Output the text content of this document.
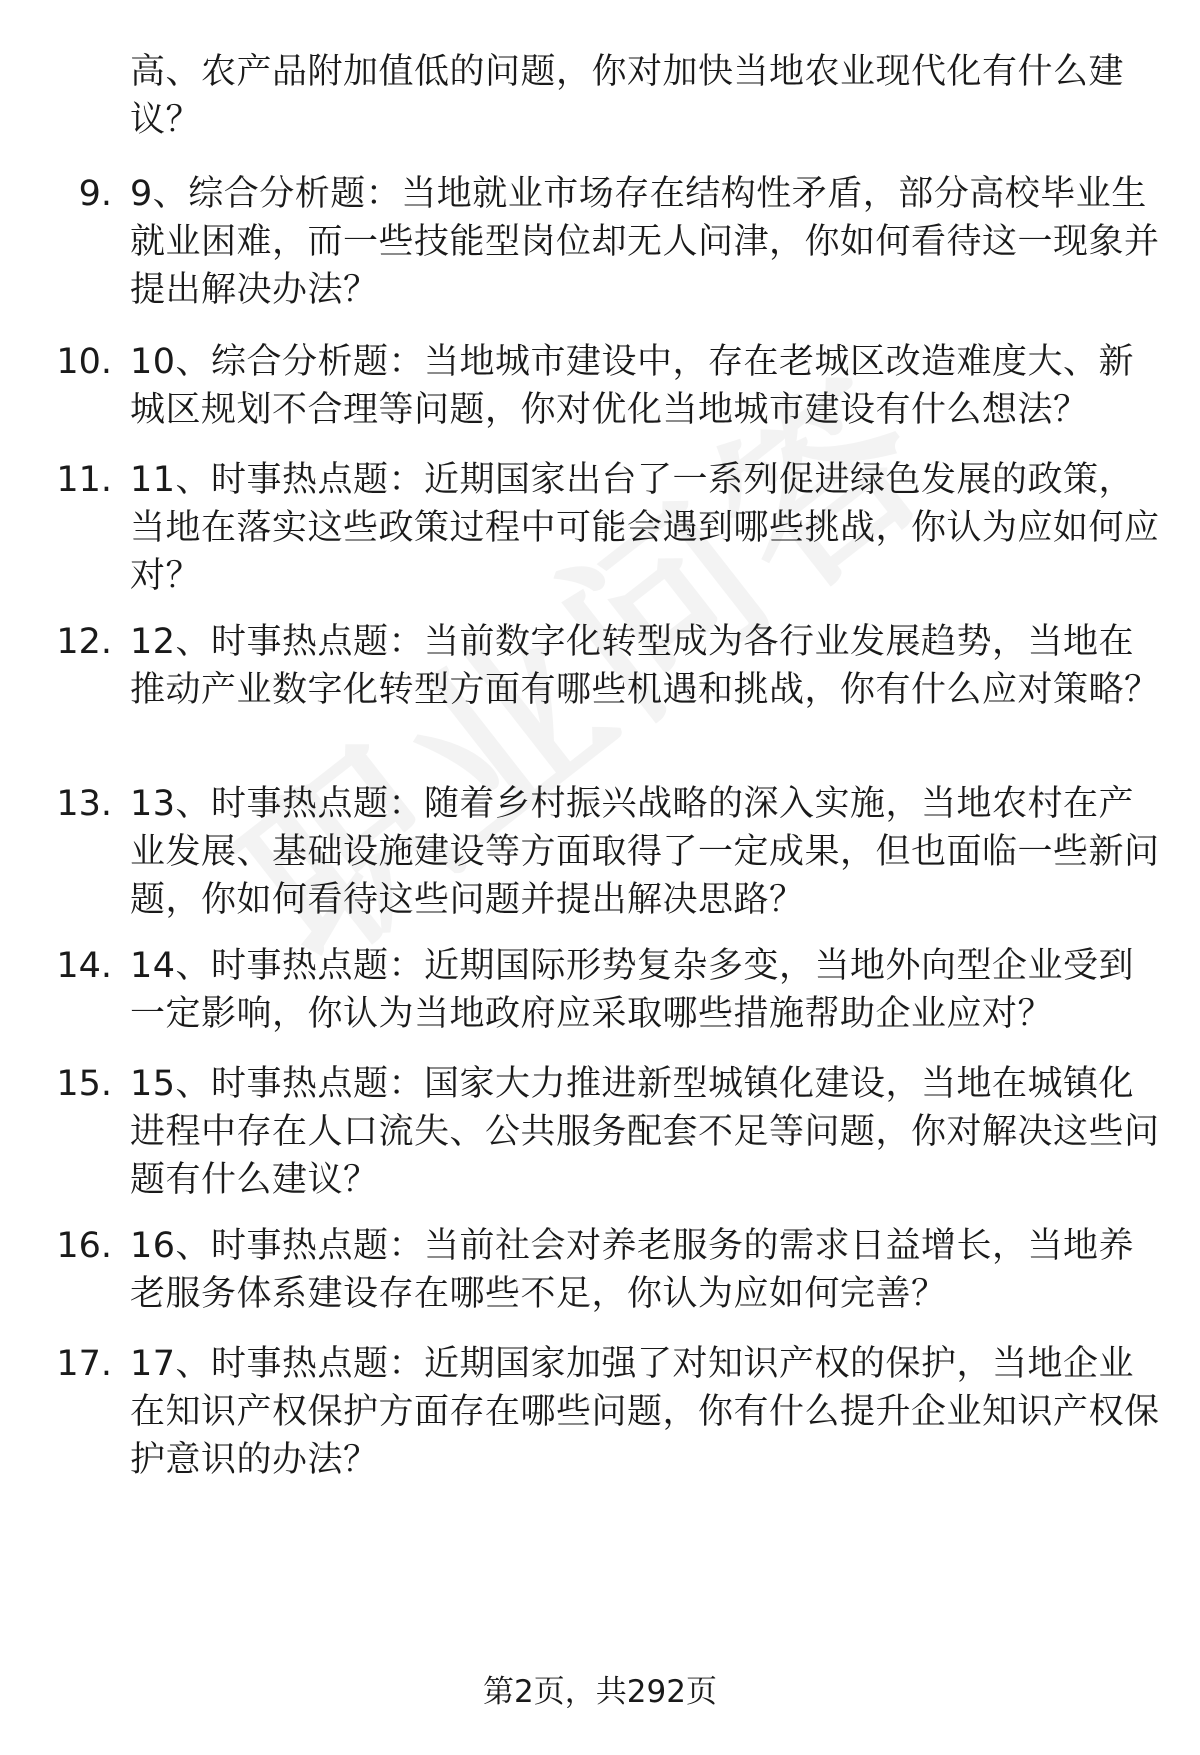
高、农产品附加值低的问题，你对加快当地农业现代化有什么建议？
9. 9、综合分析题：当地就业市场存在结构性矛盾，部分高校毕业生就业困难，而一些技能型岗位却无人问津，你如何看待这一现象并提出解决办法？
10. 10、综合分析题：当地城市建设中，存在老城区改造难度大、新城区规划不合理等问题，你对优化当地城市建设有什么想法？
11. 11、时事热点题：近期国家出台了一系列促进绿色发展的政策，当地在落实这些政策过程中可能会遇到哪些挑战，你认为应如何应对？
12. 12、时事热点题：当前数字化转型成为各行业发展趋势，当地在推动产业数字化转型方面有哪些机遇和挑战，你有什么应对策略？
13. 13、时事热点题：随着乡村振兴战略的深入实施，当地农村在产业发展、基础设施建设等方面取得了一定成果，但也面临一些新问题，你如何看待这些问题并提出解决思路？
14. 14、时事热点题：近期国际形势复杂多变，当地外向型企业受到一定影响，你认为当地政府应采取哪些措施帮助企业应对？
15. 15、时事热点题：国家大力推进新型城镇化建设，当地在城镇化进程中存在人口流失、公共服务配套不足等问题，你对解决这些问题有什么建议？
16. 16、时事热点题：当前社会对养老服务的需求日益增长，当地养老服务体系建设存在哪些不足，你认为应如何完善？
17. 17、时事热点题：近期国家加强了对知识产权的保护，当地企业在知识产权保护方面存在哪些问题，你有什么提升企业知识产权保护意识的办法？
第2页，共292页
